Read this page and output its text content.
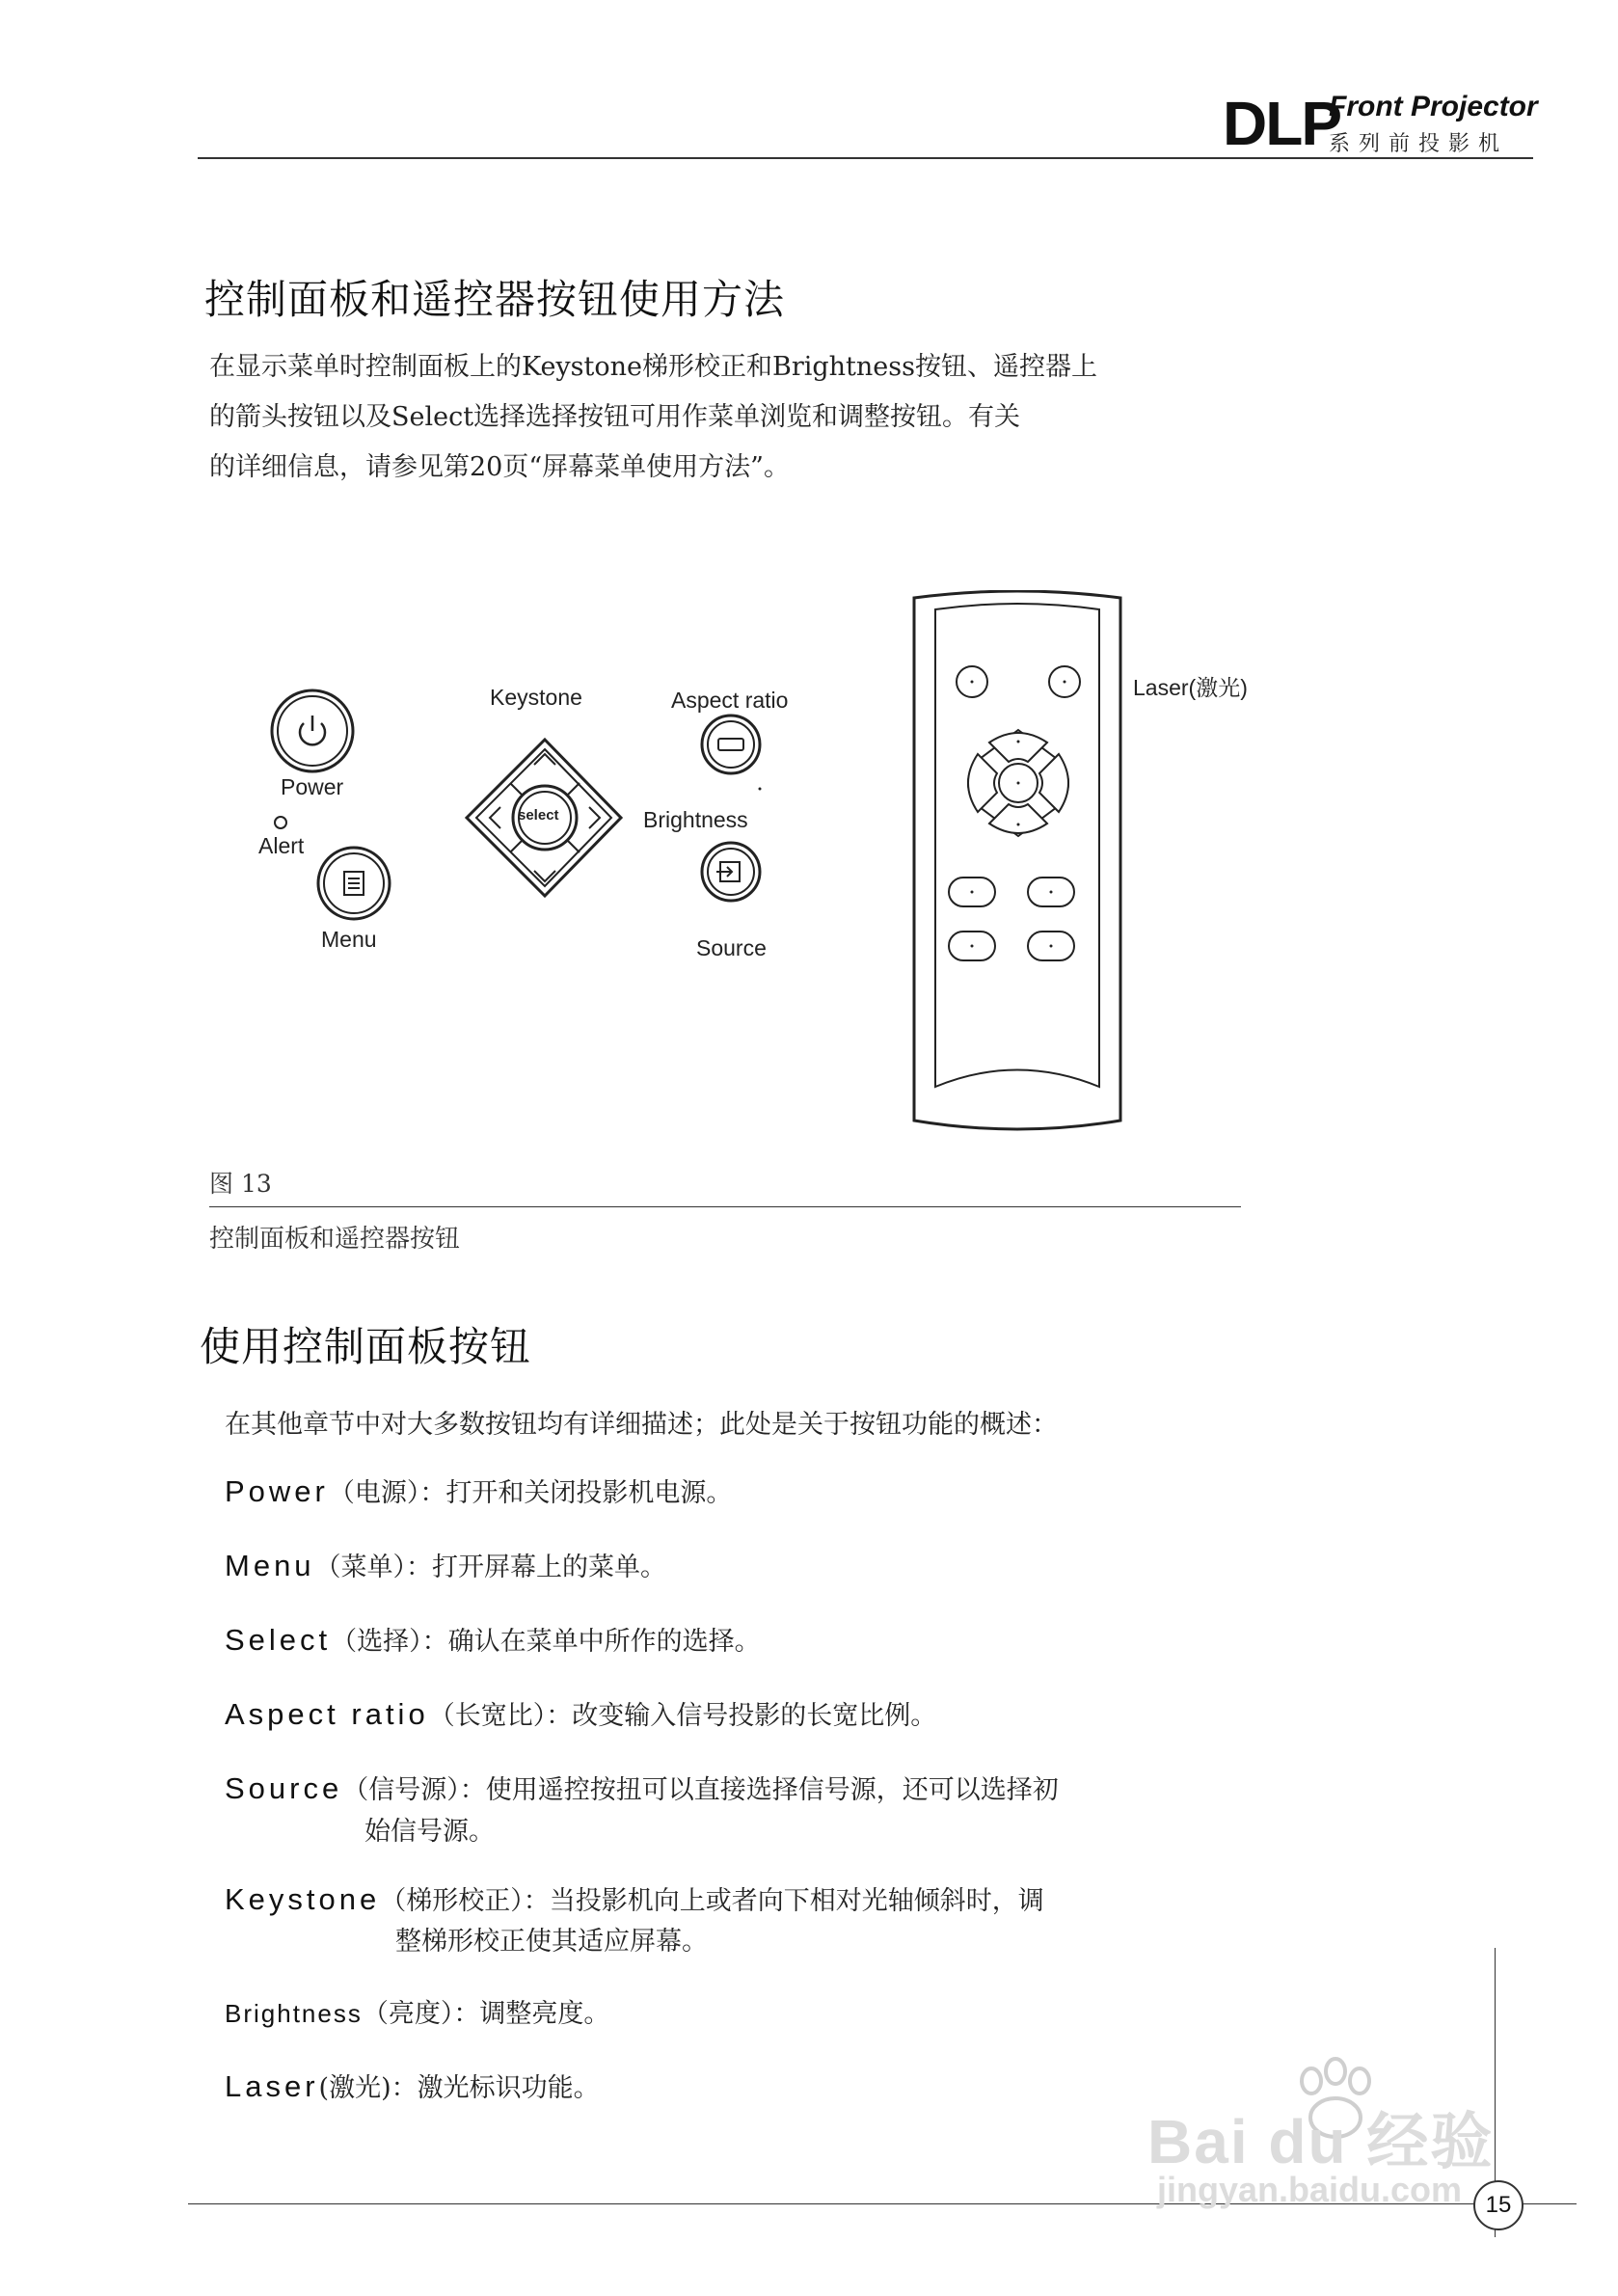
DLP
Front Projector
系列前投影机
控制面板和遥控器按钮使用方法
在显示菜单时控制面板上的Keystone梯形校正和Brightness按钮、遥控器上
的箭头按钮以及Select选择选择按钮可用作菜单浏览和调整按钮。有关
的详细信息，请参见第20页“屏幕菜单使用方法”。
Keystone	Aspect ratio
Power
Alert
Menu
select	Brightness
Source
Laser(激光)
图 13
控制面板和遥控器按钮
使用控制面板按钮
在其他章节中对大多数按钮均有详细描述；此处是关于按钮功能的概述：
Power（电源）：打开和关闭投影机电源。
Menu（菜单）：打开屏幕上的菜单。
Select（选择）：确认在菜单中所作的选择。
Aspect ratio（长宽比）：改变输入信号投影的长宽比例。
Source（信号源）：使用遥控按扭可以直接选择信号源，还可以选择初
始信号源。
Keystone（梯形校正）：当投影机向上或者向下相对光轴倾斜时，调
整梯形校正使其适应屏幕。
Brightness（亮度）：调整亮度。
Laser(激光)：激光标识功能。
15
Bai du 经验
jingyan.baidu.com
